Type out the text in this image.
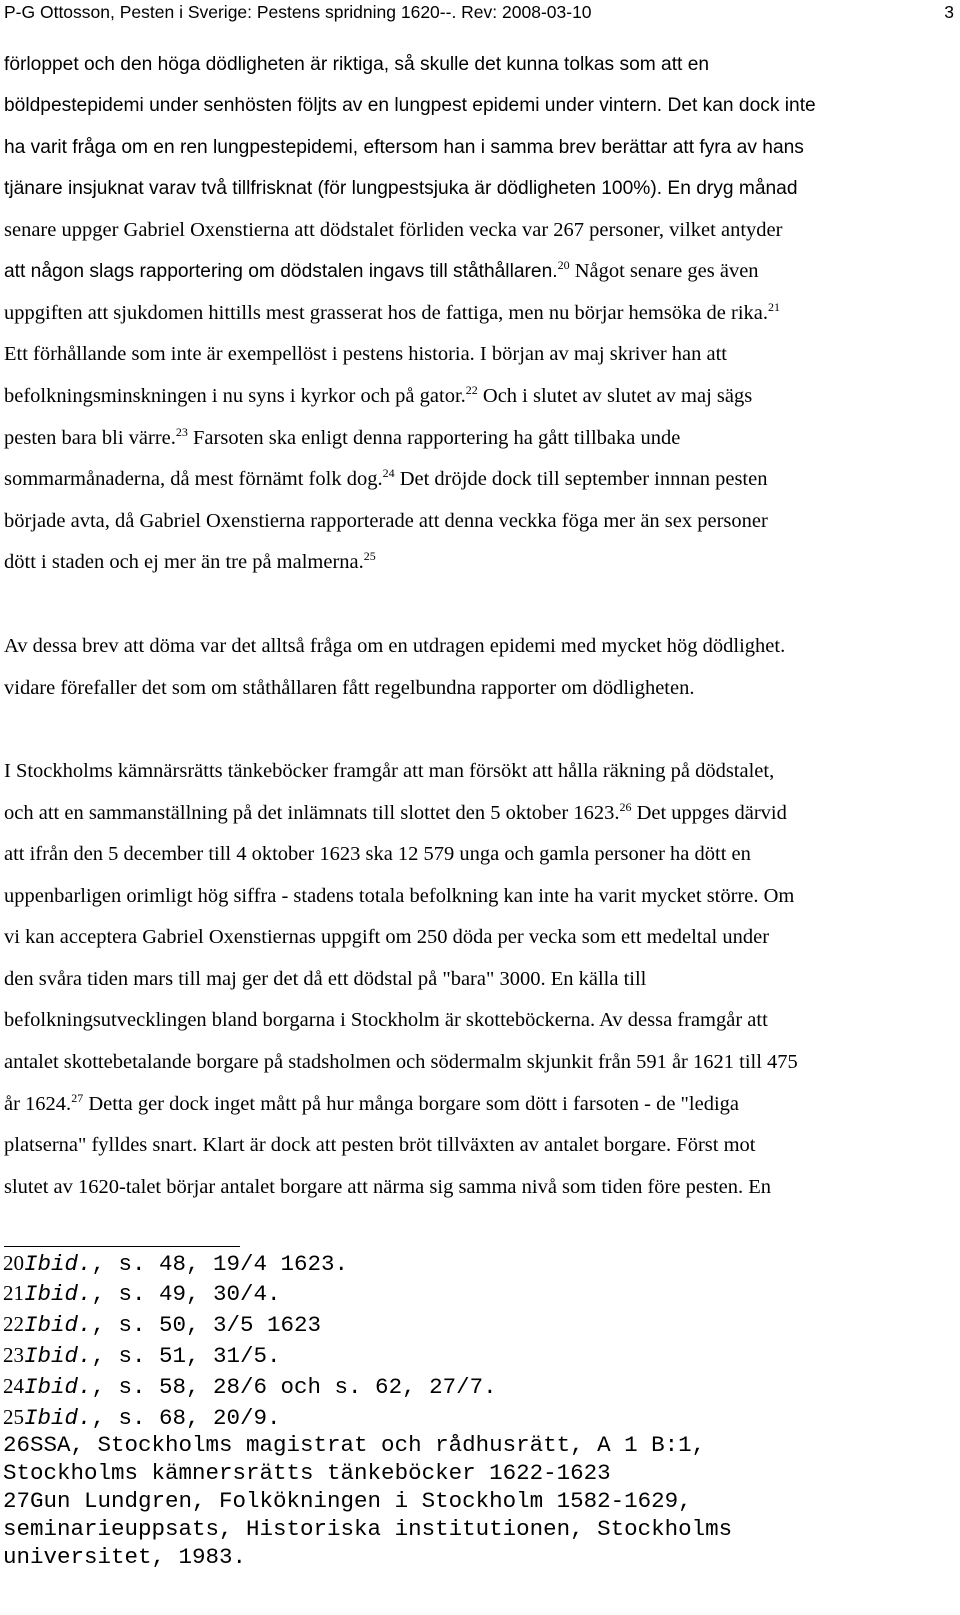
P-G Ottosson, Pesten i Sverige: Pestens spridning 1620--. Rev: 2008-03-10	3
förloppet och den höga dödligheten är riktiga, så skulle det kunna tolkas som att en
böldpestepidemi under senhösten följts av en lungpest epidemi under vintern. Det kan dock inte
ha varit fråga om en ren lungpestepidemi, eftersom han i samma brev berättar att fyra av hans
tjänare insjuknat varav två tillfrisknat (för lungpestsjuka är dödligheten 100%). En dryg månad
senare uppger Gabriel Oxenstierna att dödstalet förliden vecka var 267 personer, vilket antyder
att någon slags rapportering om dödstalen ingavs till ståthållaren.$^{20}$ Något senare ges även
uppgiften att sjukdomen hittills mest grasserat hos de fattiga, men nu börjar hemsöka de rika.$^{21}$
Ett förhållande som inte är exempellöst i pestens historia. I början av maj skriver han att
befolkningsminskningen i nu syns i kyrkor och på gator.$^{22}$ Och i slutet av slutet av maj sägs
pesten bara bli värre.$^{23}$ Farsoten ska enligt denna rapportering ha gått tillbaka unde
sommarmånaderna, då mest förnämt folk dog.$^{24}$ Det dröjde dock till september innnan pesten
började avta, då Gabriel Oxenstierna rapporterade att denna veckka föga mer än sex personer
dött i staden och ej mer än tre på malmerna.$^{25}$
Av dessa brev att döma var det alltså fråga om en utdragen epidemi med mycket hög dödlighet.
vidare förefaller det som om ståthållaren fått regelbundna rapporter om dödligheten.
I Stockholms kämnärsrätts tänkeböcker framgår att man försökt att hålla räkning på dödstalet,
och att en sammanställning på det inlämnats till slottet den 5 oktober 1623.26 Det uppges därvid
att ifrån den 5 december till 4 oktober 1623 ska 12 579 unga och gamla personer ha dött en
uppenbarligen orimligt hög siffra - stadens totala befolkning kan inte ha varit mycket större. Om
vi kan acceptera Gabriel Oxenstiernas uppgift om 250 döda per vecka som ett medeltal under
den svåra tiden mars till maj ger det då ett dödstal på "bara" 3000. En källa till
befolkningsutvecklingen bland borgarna i Stockholm är skotteböckerna. Av dessa framgår att
antalet skottebetalande borgare på stadsholmen och södermalm skjunkit från 591 år 1621 till 475
år 1624.27 Detta ger dock inget mått på hur många borgare som dött i farsoten - de "lediga
platserna" fylldes snart. Klart är dock att pesten bröt tillväxten av antalet borgare. Först mot
slutet av 1620-talet börjar antalet borgare att närma sig samma nivå som tiden före pesten. En
20Ibid., s. 48, 19/4 1623.
21Ibid., s. 49, 30/4.
22Ibid., s. 50, 3/5 1623
23Ibid., s. 51, 31/5.
24Ibid., s. 58, 28/6 och s. 62, 27/7.
25Ibid., s. 68, 20/9.
26SSA, Stockholms magistrat och rådhusrätt, A 1 B:1,
Stockholms kämnersrätts tänkeböcker 1622-1623
27Gun Lundgren, Folkökningen i Stockholm 1582-1629,
seminarieuppsats, Historiska institutionen, Stockholms
universitet, 1983.
